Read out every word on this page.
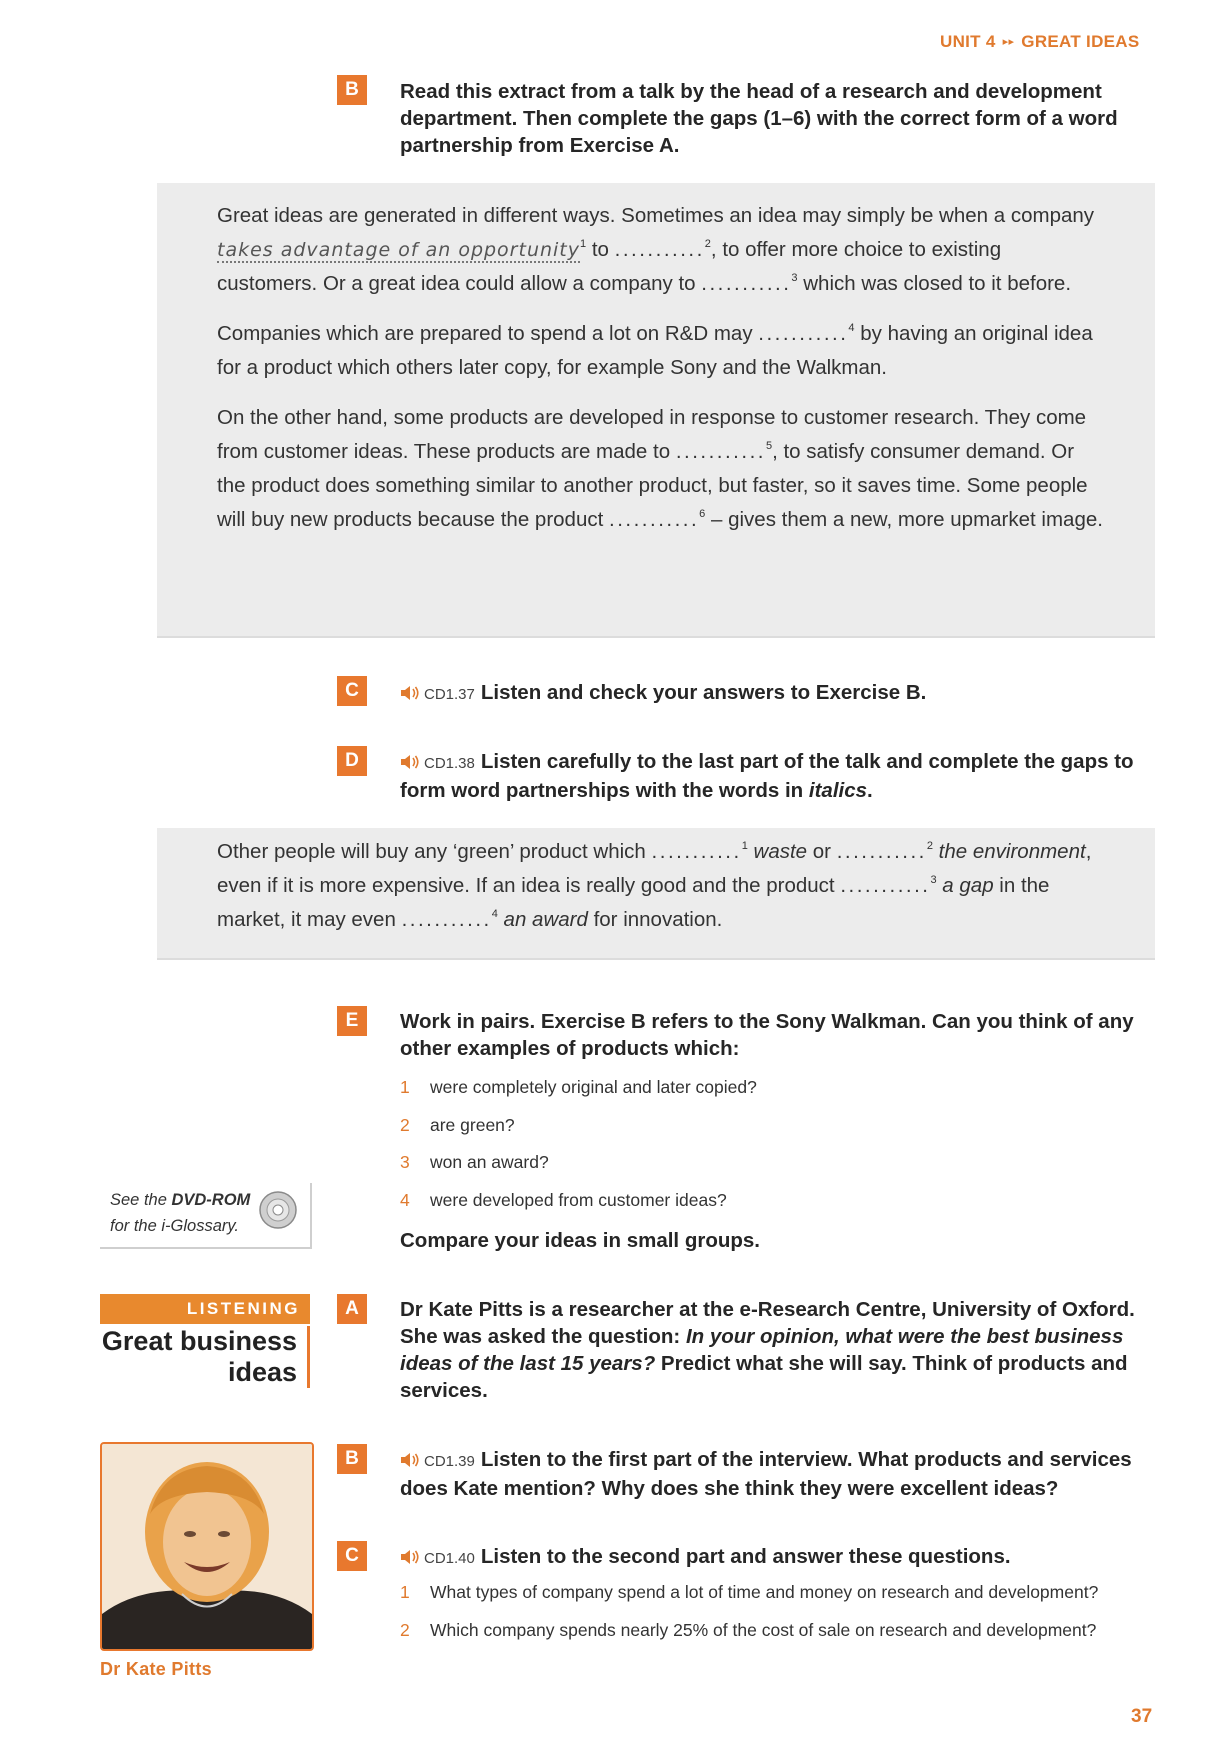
UNIT 4 ▸▸ GREAT IDEAS
B	Read this extract from a talk by the head of a research and development department. Then complete the gaps (1–6) with the correct form of a word partnership from Exercise A.

Great ideas are generated in different ways. Sometimes an idea may simply be when a company takes advantage of an opportunity$^1$ to ...........$^2$, to offer more choice to existing customers. Or a great idea could allow a company to ...........$^3$ which was closed to it before.

Companies which are prepared to spend a lot on R&D may ...........$^4$ by having an original idea for a product which others later copy, for example Sony and the Walkman.

On the other hand, some products are developed in response to customer research. They come from customer ideas. These products are made to ...........$^5$, to satisfy consumer demand. Or the product does something similar to another product, but faster, so it saves time. Some people will buy new products because the product ...........$^6$ – gives them a new, more upmarket image.

C	CD1.37 Listen and check your answers to Exercise B.
D	CD1.38 Listen carefully to the last part of the talk and complete the gaps to form word partnerships with the words in italics.

Other people will buy any ‘green’ product which ...........$^1$ waste or ...........$^2$ the environment, even if it is more expensive. If an idea is really good and the product ...........$^3$ a gap in the market, it may even ...........$^4$ an award for innovation.

E	Work in pairs. Exercise B refers to the Sony Walkman. Can you think of any other examples of products which:
1 were completely original and later copied?
2 are green?
3 won an award?
4 were developed from customer ideas?
Compare your ideas in small groups.
See the DVD-ROM
for the i-Glossary.
LISTENING
Great business
ideas
A	Dr Kate Pitts is a researcher at the e-Research Centre, University of Oxford. She was asked the question: In your opinion, what were the best business ideas of the last 15 years? Predict what she will say. Think of products and services.
Dr Kate Pitts
B	CD1.39 Listen to the first part of the interview. What products and services does Kate mention? Why does she think they were excellent ideas?
C	CD1.40 Listen to the second part and answer these questions.
1 What types of company spend a lot of time and money on research and development?
2 Which company spends nearly 25% of the cost of sale on research and development?
37
